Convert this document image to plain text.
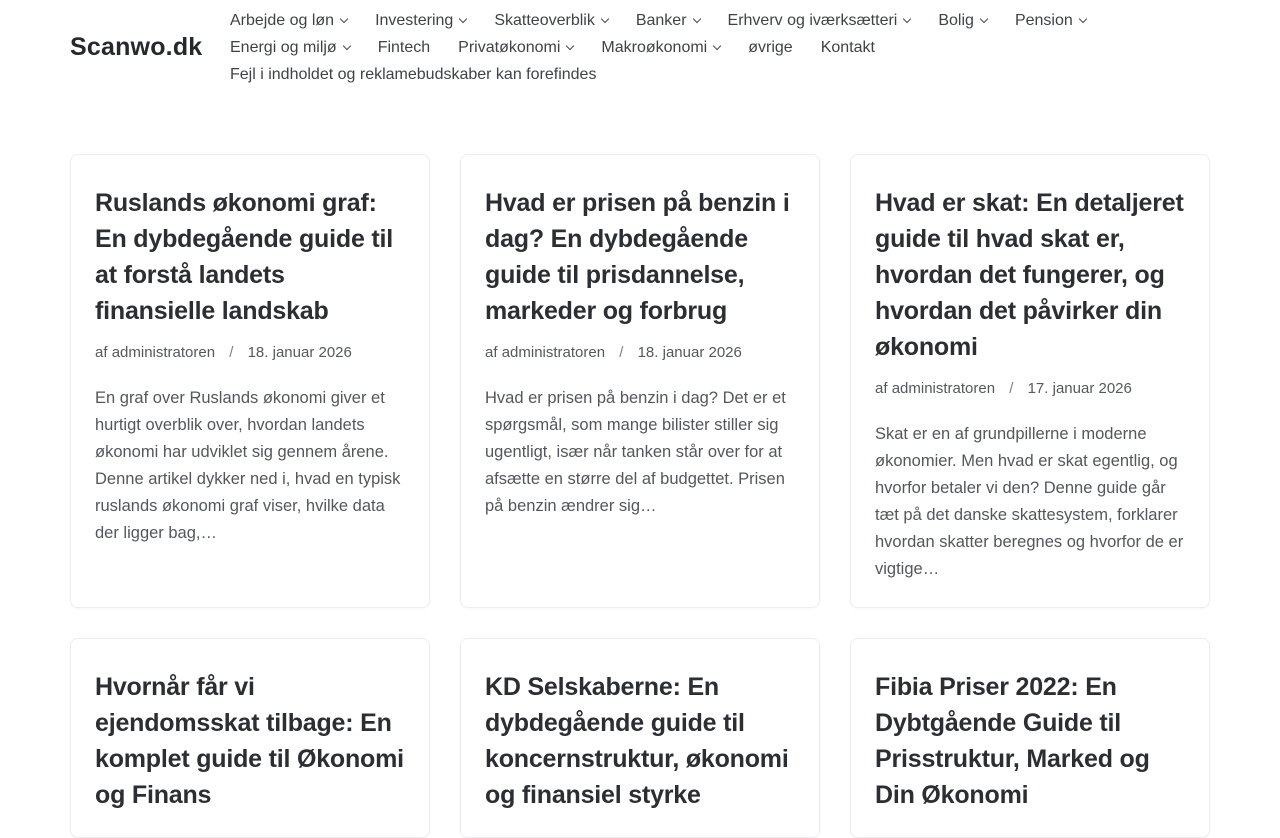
Scanwo.dk
Arbejde og løn	Investering	Skatteoverblik	Banker	Erhverv og iværksætteri	Bolig	Pension
Energi og miljø	Fintech Privatøkonomi	Makroøkonomi	øvrige Kontakt
Fejl i indholdet og reklamebudskaber kan forefindes
Ruslands økonomi graf: En dybdegående guide til at forstå landets finansielle landskab
af administratoren / 18. januar 2026

En graf over Ruslands økonomi giver et hurtigt overblik over, hvordan landets økonomi har udviklet sig gennem årene. Denne artikel dykker ned i, hvad en typisk ruslands økonomi graf viser, hvilke data der ligger bag,…

Hvad er prisen på benzin i dag? En dybdegående guide til prisdannelse, markeder og forbrug
af administratoren / 18. januar 2026

Hvad er prisen på benzin i dag? Det er et spørgsmål, som mange bilister stiller sig ugentligt, især når tanken står over for at afsætte en større del af budgettet. Prisen på benzin ændrer sig…

Hvad er skat: En detaljeret guide til hvad skat er, hvordan det fungerer, og hvordan det påvirker din økonomi
af administratoren / 17. januar 2026

Skat er en af grundpillerne i moderne økonomier. Men hvad er skat egentlig, og hvorfor betaler vi den? Denne guide går tæt på det danske skattesystem, forklarer hvordan skatter beregnes og hvorfor de er vigtige…

Hvornår får vi ejendomsskat tilbage: En komplet guide til Økonomi og Finans
KD Selskaberne: En dybdegående guide til koncernstruktur, økonomi og finansiel styrke
Fibia Priser 2022: En Dybtgående Guide til Prisstruktur, Marked og Din Økonomi
